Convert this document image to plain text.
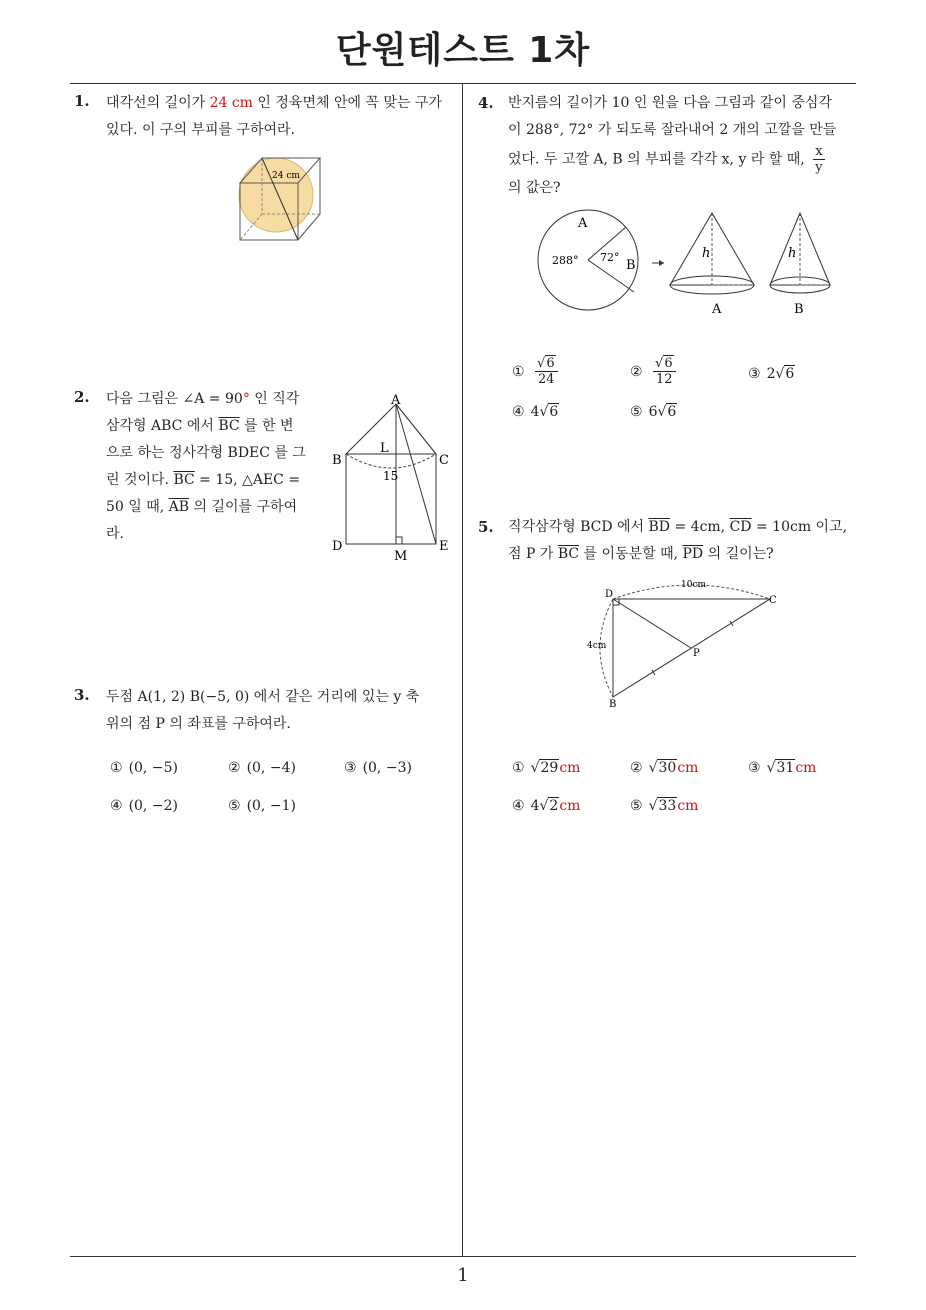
단원테스트 1차
1
1. 대각선의 길이가 24 cm 인 정육면체 안에 꼭 맞는 구가
있다. 이 구의 부피를 구하여라.
24 cm
2. 다음 그림은 ∠A = 90° 인 직각
삼각형 ABC 에서 $\overline{BC}$ 를 한 변
으로 하는 정사각형 BDEC 를 그
린 것이다. $\overline{BC} = 15$, △AEC =
50 일 때, $\overline{AB}$ 의 길이를 구하여
라.
A
B	C
D	E
L
M
15
3. 두점 A(1, 2) B(−5, 0) 에서 같은 거리에 있는 y 축
위의 점 P 의 좌표를 구하여라.
① (0, −5)	② (0, −4)	③ (0, −3)
④ (0, −2)	⑤ (0, −1)
4. 반지름의 길이가 10 인 원을 다음 그림과 같이 중심각
이 288°, 72° 가 되도록 잘라내어 2 개의 고깔을 만들
었다. 두 고깔 A, B 의 부피를 각각 x, y 라 할 때, $\frac{x}{y}$

의 값은?
A
B
288° 72°	h
A
h
B
① $\frac{√6}{24}$	② $\frac{√6}{12}$	③ 2√6
④ 4√6	⑤ 6√6
5. 직각삼각형 BCD 에서 $\overline{BD} = 4cm$, $\overline{CD} = 10cm$ 이고,
점 P 가 $\overline{BC}$ 를 이동분할 때, $\overline{PD}$ 의 길이는?
D
C
B
P
10cm
4cm
① √29cm	② √30cm	③ √31cm
④ 4√2cm	⑤ √33cm
